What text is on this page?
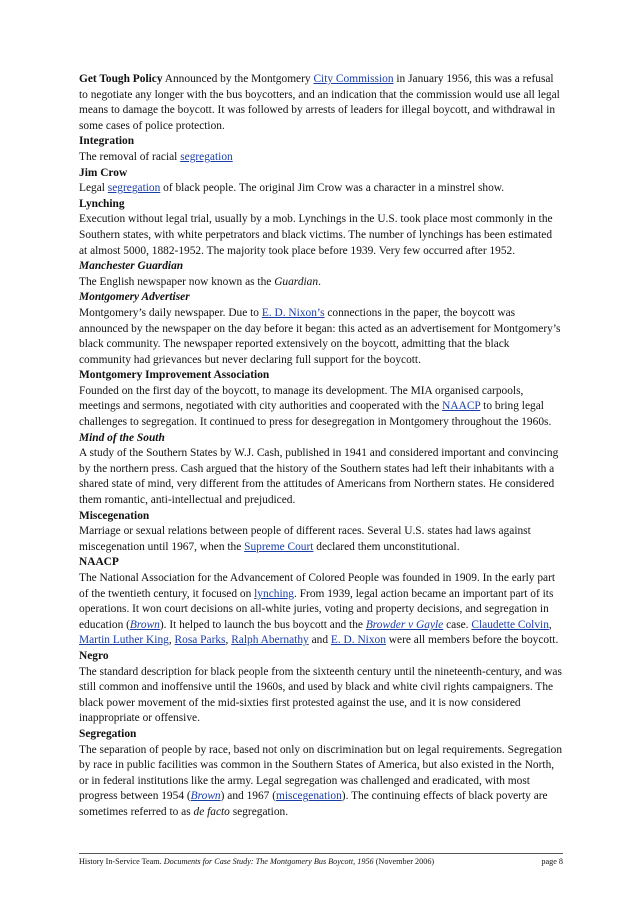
Get Tough Policy Announced by the Montgomery City Commission in January 1956, this was a refusal to negotiate any longer with the bus boycotters, and an indication that the commission would use all legal means to damage the boycott. It was followed by arrests of leaders for illegal boycott, and withdrawal in some cases of police protection.
Integration
The removal of racial segregation
Jim Crow
Legal segregation of black people. The original Jim Crow was a character in a minstrel show.
Lynching
Execution without legal trial, usually by a mob. Lynchings in the U.S. took place most commonly in the Southern states, with white perpetrators and black victims. The number of lynchings has been estimated at almost 5000, 1882-1952. The majority took place before 1939. Very few occurred after 1952.
Manchester Guardian
The English newspaper now known as the Guardian.
Montgomery Advertiser
Montgomery’s daily newspaper. Due to E. D. Nixon’s connections in the paper, the boycott was announced by the newspaper on the day before it began: this acted as an advertisement for Montgomery’s black community. The newspaper reported extensively on the boycott, admitting that the black community had grievances but never declaring full support for the boycott.
Montgomery Improvement Association
Founded on the first day of the boycott, to manage its development. The MIA organised carpools, meetings and sermons, negotiated with city authorities and cooperated with the NAACP to bring legal challenges to segregation. It continued to press for desegregation in Montgomery throughout the 1960s.
Mind of the South
A study of the Southern States by W.J. Cash, published in 1941 and considered important and convincing by the northern press. Cash argued that the history of the Southern states had left their inhabitants with a shared state of mind, very different from the attitudes of Americans from Northern states. He considered them romantic, anti-intellectual and prejudiced.
Miscegenation
Marriage or sexual relations between people of different races. Several U.S. states had laws against miscegenation until 1967, when the Supreme Court declared them unconstitutional.
NAACP
The National Association for the Advancement of Colored People was founded in 1909. In the early part of the twentieth century, it focused on lynching. From 1939, legal action became an important part of its operations. It won court decisions on all-white juries, voting and property decisions, and segregation in education (Brown). It helped to launch the bus boycott and the Browder v Gayle case. Claudette Colvin, Martin Luther King, Rosa Parks, Ralph Abernathy and E. D. Nixon were all members before the boycott.
Negro
The standard description for black people from the sixteenth century until the nineteenth-century, and was still common and inoffensive until the 1960s, and used by black and white civil rights campaigners. The black power movement of the mid-sixties first protested against the use, and it is now considered inappropriate or offensive.
Segregation
The separation of people by race, based not only on discrimination but on legal requirements. Segregation by race in public facilities was common in the Southern States of America, but also existed in the North, or in federal institutions like the army. Legal segregation was challenged and eradicated, with most progress between 1954 (Brown) and 1967 (miscegenation). The continuing effects of black poverty are sometimes referred to as de facto segregation.
History In-Service Team. Documents for Case Study: The Montgomery Bus Boycott, 1956 (November 2006)	page 8
